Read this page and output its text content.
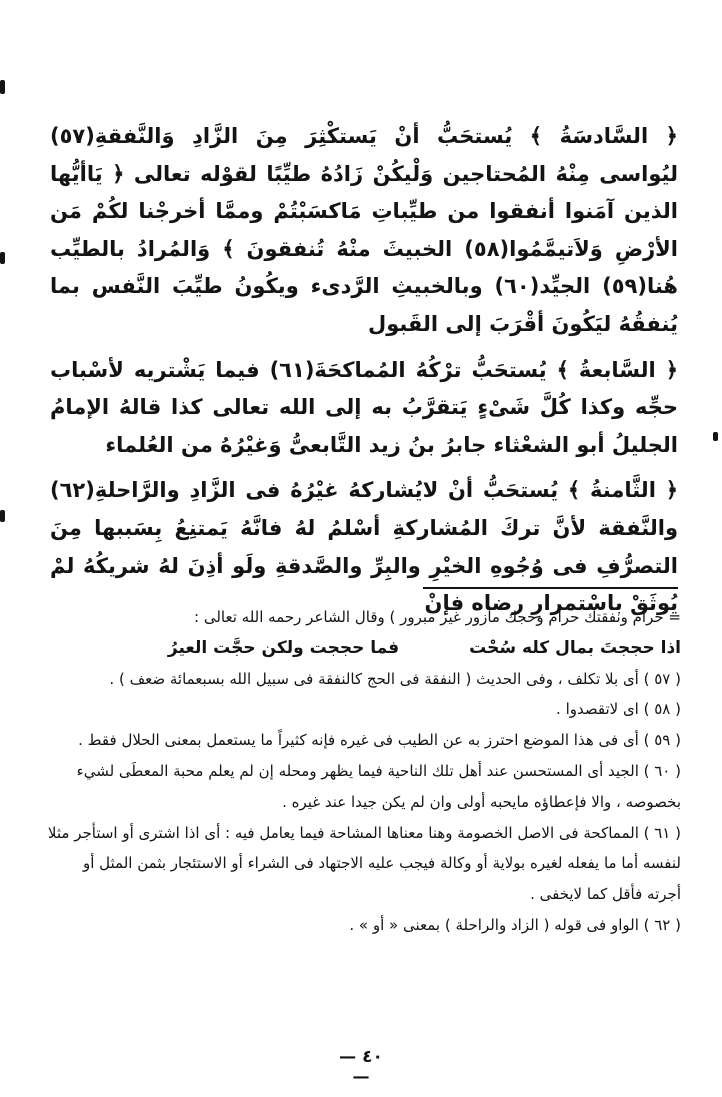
﴿ السَّادسَةُ ﴾ يُستحَبُّ أنْ يَستكْثِرَ مِنَ الزَّادِ وَالنَّفقةِ(٥٧) ليُواسى مِنْهُ المُحتاجين وَلْيكُنْ زَادُهُ طيِّبًا لقوْله تعالى ﴿ يَاأيُّها الذين آمَنوا أنفقوا من طيِّباتِ مَاكسَبْتُمْ وممَّا أخرجْنا لكُمْ مَن الأرْضِ وَلاَتيمَّمُوا(٥٨) الخبيثَ منْهُ تُنفقونَ ﴾ وَالمُرادُ بالطيِّب هُنا(٥٩) الجيِّد(٦٠) وبالخبيثِ الرَّدىء ويكُونُ طيِّبَ النَّفس بما يُنفقُهُ ليَكُونَ أقْرَبَ إلى القَبول

﴿ السَّابعةُ ﴾ يُستحَبُّ ترْكُهُ المُماكحَةَ(٦١) فيما يَشْتريه لأسْباب حجِّه وكذا كُلَّ شَىْءٍ يَتقرَّبُ به إلى الله تعالى كذا قالهُ الإمامُ الجليلُ أبو الشعْثاء جابرُ بنُ زيد التَّابعىُّ وَغيْرُهُ من العُلماء

﴿ الثَّامنةُ ﴾ يُستحَبُّ أنْ لايُشاركهُ غيْرُهُ فى الزَّادِ والرَّاحلةِ(٦٢) والنَّفقة لأنَّ تركَ المُشاركةِ أسْلمُ لهُ فانَّهُ يَمتنِعُ بِسَببها مِنَ التصرُّفِ فى وُجُوهِ الخيْرِ والبِرِّ والصَّدقةِ ولَو أذِنَ لهُ شريكُهُ لمْ يُوثَقْ باسْتمرارِ رضاه فإنْ

= حرام ونفقتك حرام وحجك مأزور غير مبرور ) وقال الشاعر رحمه الله تعالى :

اذا حججتَ بمال كله سُحْت
فما حججت ولكن حجَّت العيرُ

( ٥٧ ) أى بلا تكلف ، وفى الحديث ( النفقة فى الحج كالنفقة فى سبيل الله بسبعمائة ضعف ) .

( ٥٨ ) اى لاتقصدوا .

( ٥٩ ) أى فى هذا الموضع احترز به عن الطيب فى غيره فإنه كثيراً ما يستعمل بمعنى الحلال فقط .

( ٦٠ ) الجيد أى المستحسن عند أهل تلك الناحية فيما يظهر ومحله إن لم يعلم محبة المعطَى لشيء بخصوصه ، والا فإعطاؤه مايحبه أولى وان لم يكن جيدا عند غيره .

( ٦١ ) المماكحة فى الاصل الخصومة وهنا معناها المشاحة فيما يعامل فيه : أى اذا اشترى أو استأجر مثلا لنفسه أما ما يفعله لغيره بولاية أو وكالة فيجب عليه الاجتهاد فى الشراء أو الاستئجار بثمن المثل أو أجرته فأقل كما لايخفى .

( ٦٢ ) الواو فى قوله ( الزاد والراحلة ) بمعنى « أو » .

— ٤٠ —
